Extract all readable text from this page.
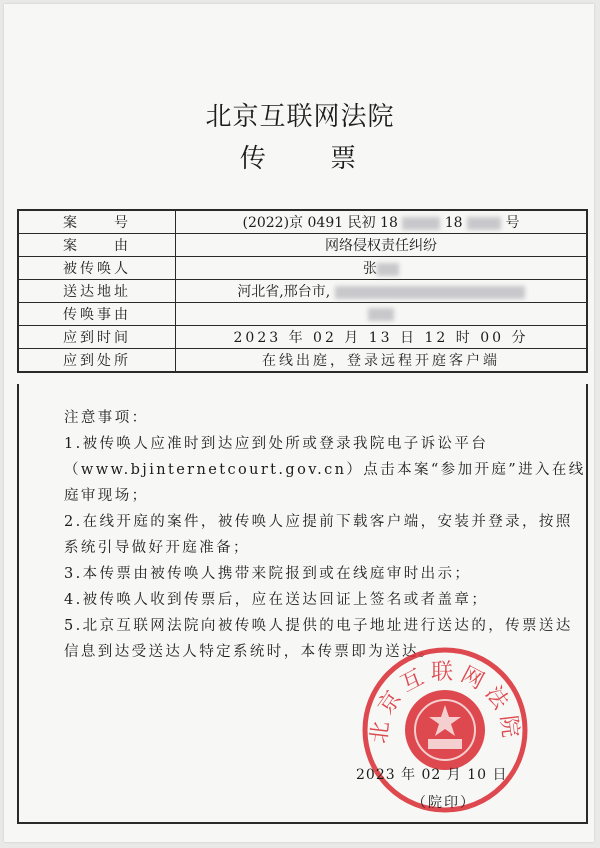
北京互联网法院
传 票
案　　号	(2022)京 0491 民初 18 18 号
案　　由	网络侵权责任纠纷
被传唤人	张
送达地址	河北省,邢台市,
传唤事由	
应到时间	2023 年 02 月 13 日 12 时 00 分
应到处所	在线出庭，登录远程开庭客户端

注意事项：

1.被传唤人应准时到达应到处所或登录我院电子诉讼平台（www.bjinternetcourt.gov.cn）点击本案“参加开庭”进入在线庭审现场；

2.在线开庭的案件，被传唤人应提前下载客户端，安装并登录，按照系统引导做好开庭准备；

3.本传票由被传唤人携带来院报到或在线庭审时出示；

4.被传唤人收到传票后，应在送达回证上签名或者盖章；

5.北京互联网法院向被传唤人提供的电子地址进行送达的，传票送达信息到达受送达人特定系统时，本传票即为送达。

北京互联网法院
2023 年 02 月 10 日
（院印）
